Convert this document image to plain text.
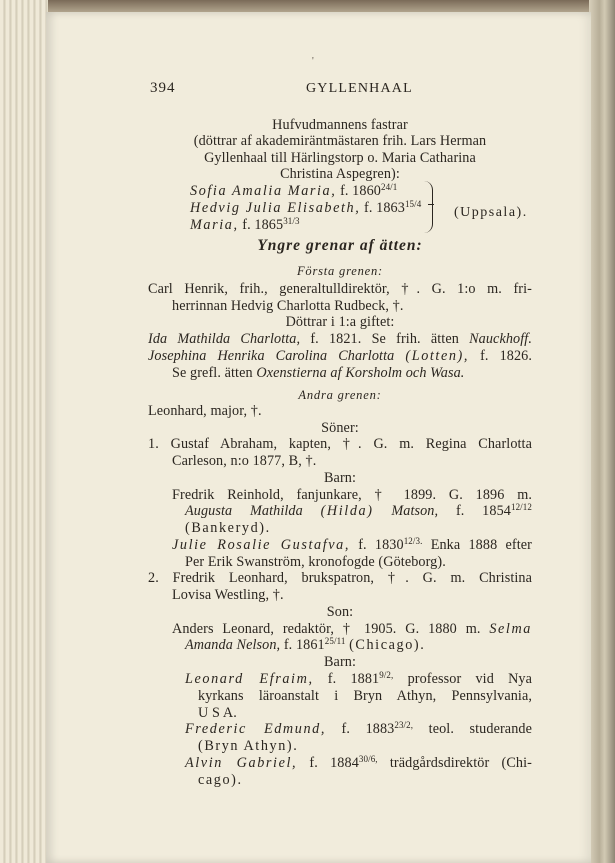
'
394	GYLLENHAAL
Hufvudmannens fastrar
(döttrar af akademiräntmästaren frih. Lars Herman
Gyllenhaal till Härlingstorp o. Maria Catharina
Christina Aspegren):
Sofia Amalia Maria, f. $1860^{24/1}$
Hedvig Julia Elisabeth, f. $1863^{15/4}$
Maria, f. $1865^{31/3}$
(Uppsala).
Yngre grenar af ätten:
Första grenen:
Carl Henrik, frih., generaltulldirektör, †. G. 1:o m. fri-
herrinnan Hedvig Charlotta Rudbeck, †.
Döttrar i 1:a giftet:
Ida Mathilda Charlotta, f. 1821. Se frih. ätten Nauckhoff.
Josephina Henrika Carolina Charlotta (Lotten), f. 1826.
Se grefl. ätten Oxenstierna af Korsholm och Wasa.
Andra grenen:
Leonhard, major, †.
Söner:
1. Gustaf Abraham, kapten, †. G. m. Regina Charlotta
Carleson, n:o 1877, B, †.
Barn:
Fredrik Reinhold, fanjunkare, † 1899. G. 1896 m.
Augusta Mathilda (Hilda) Matson, f. $1854^{12/12}$
(Bankeryd).
Julie Rosalie Gustafva, f. $1830^{12/3.}$ Enka 1888 efter
Per Erik Swanström, kronofogde (Göteborg).
2. Fredrik Leonhard, brukspatron, †. G. m. Christina
Lovisa Westling, †.
Son:
Anders Leonard, redaktör, † 1905. G. 1880 m. Selma
Amanda Nelson, f. $1861^{25/11}$ (Chicago).
Barn:
Leonard Efraim, f. $1881^{9/2,}$ professor vid Nya
kyrkans läroanstalt i Bryn Athyn, Pennsylvania,
U S A.
Frederic Edmund, f. $1883^{23/2,}$ teol. studerande
(Bryn Athyn).
Alvin Gabriel, f. $1884^{30/6,}$ trädgårdsdirektör (Chi-
cago).
